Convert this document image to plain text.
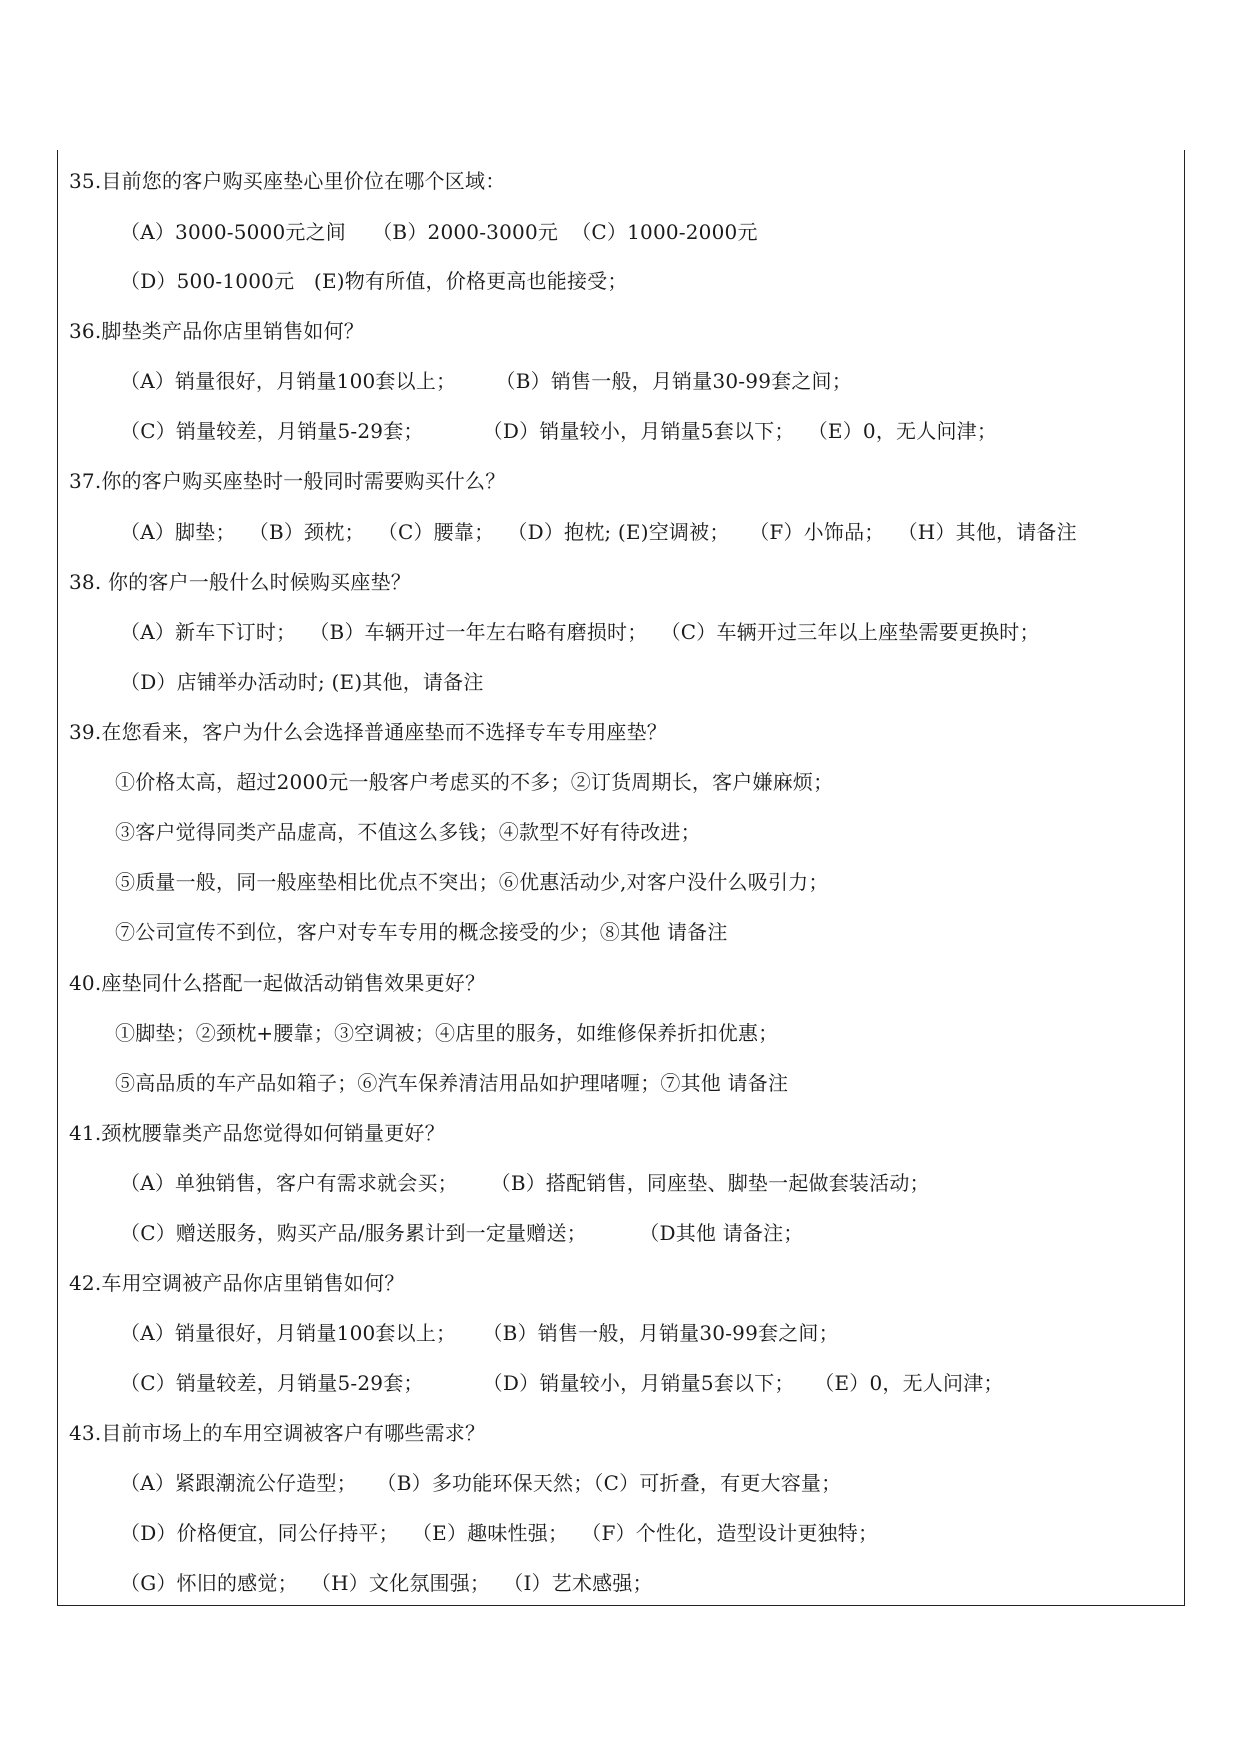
35.目前您的客户购买座垫心里价位在哪个区域：
（A）3000-5000元之间    （B）2000-3000元  （C）1000-2000元
（D）500-1000元   (E)物有所值，价格更高也能接受；
36.脚垫类产品你店里销售如何？
（A）销量很好，月销量100套以上；      （B）销售一般，月销量30-99套之间；
（C）销量较差，月销量5-29套；         （D）销量较小，月销量5套以下；  （E）0，无人问津；
37.你的客户购买座垫时一般同时需要购买什么？
（A）脚垫；  （B）颈枕；  （C）腰靠；  （D）抱枕; (E)空调被；   （F）小饰品；  （H）其他，请备注
38. 你的客户一般什么时候购买座垫？
（A）新车下订时；  （B）车辆开过一年左右略有磨损时；  （C）车辆开过三年以上座垫需要更换时；
（D）店铺举办活动时; (E)其他，请备注
39.在您看来，客户为什么会选择普通座垫而不选择专车专用座垫？
①价格太高，超过2000元一般客户考虑买的不多；②订货周期长，客户嫌麻烦；
③客户觉得同类产品虚高，不值这么多钱；④款型不好有待改进；
⑤质量一般，同一般座垫相比优点不突出；⑥优惠活动少,对客户没什么吸引力；
⑦公司宣传不到位，客户对专车专用的概念接受的少；⑧其他 请备注
40.座垫同什么搭配一起做活动销售效果更好？
①脚垫；②颈枕+腰靠；③空调被；④店里的服务，如维修保养折扣优惠；
⑤高品质的车产品如箱子；⑥汽车保养清洁用品如护理啫喱；⑦其他 请备注
41.颈枕腰靠类产品您觉得如何销量更好？
（A）单独销售，客户有需求就会买；     （B）搭配销售，同座垫、脚垫一起做套装活动；
（C）赠送服务，购买产品/服务累计到一定量赠送；        （D其他 请备注；
42.车用空调被产品你店里销售如何？
（A）销量很好，月销量100套以上；    （B）销售一般，月销量30-99套之间；
（C）销量较差，月销量5-29套；         （D）销量较小，月销量5套以下；   （E）0，无人问津；
43.目前市场上的车用空调被客户有哪些需求？
（A）紧跟潮流公仔造型；   （B）多功能环保天然；（C）可折叠，有更大容量；
（D）价格便宜，同公仔持平；  （E）趣味性强；  （F）个性化，造型设计更独特；
（G）怀旧的感觉；  （H）文化氛围强；  （I）艺术感强；
